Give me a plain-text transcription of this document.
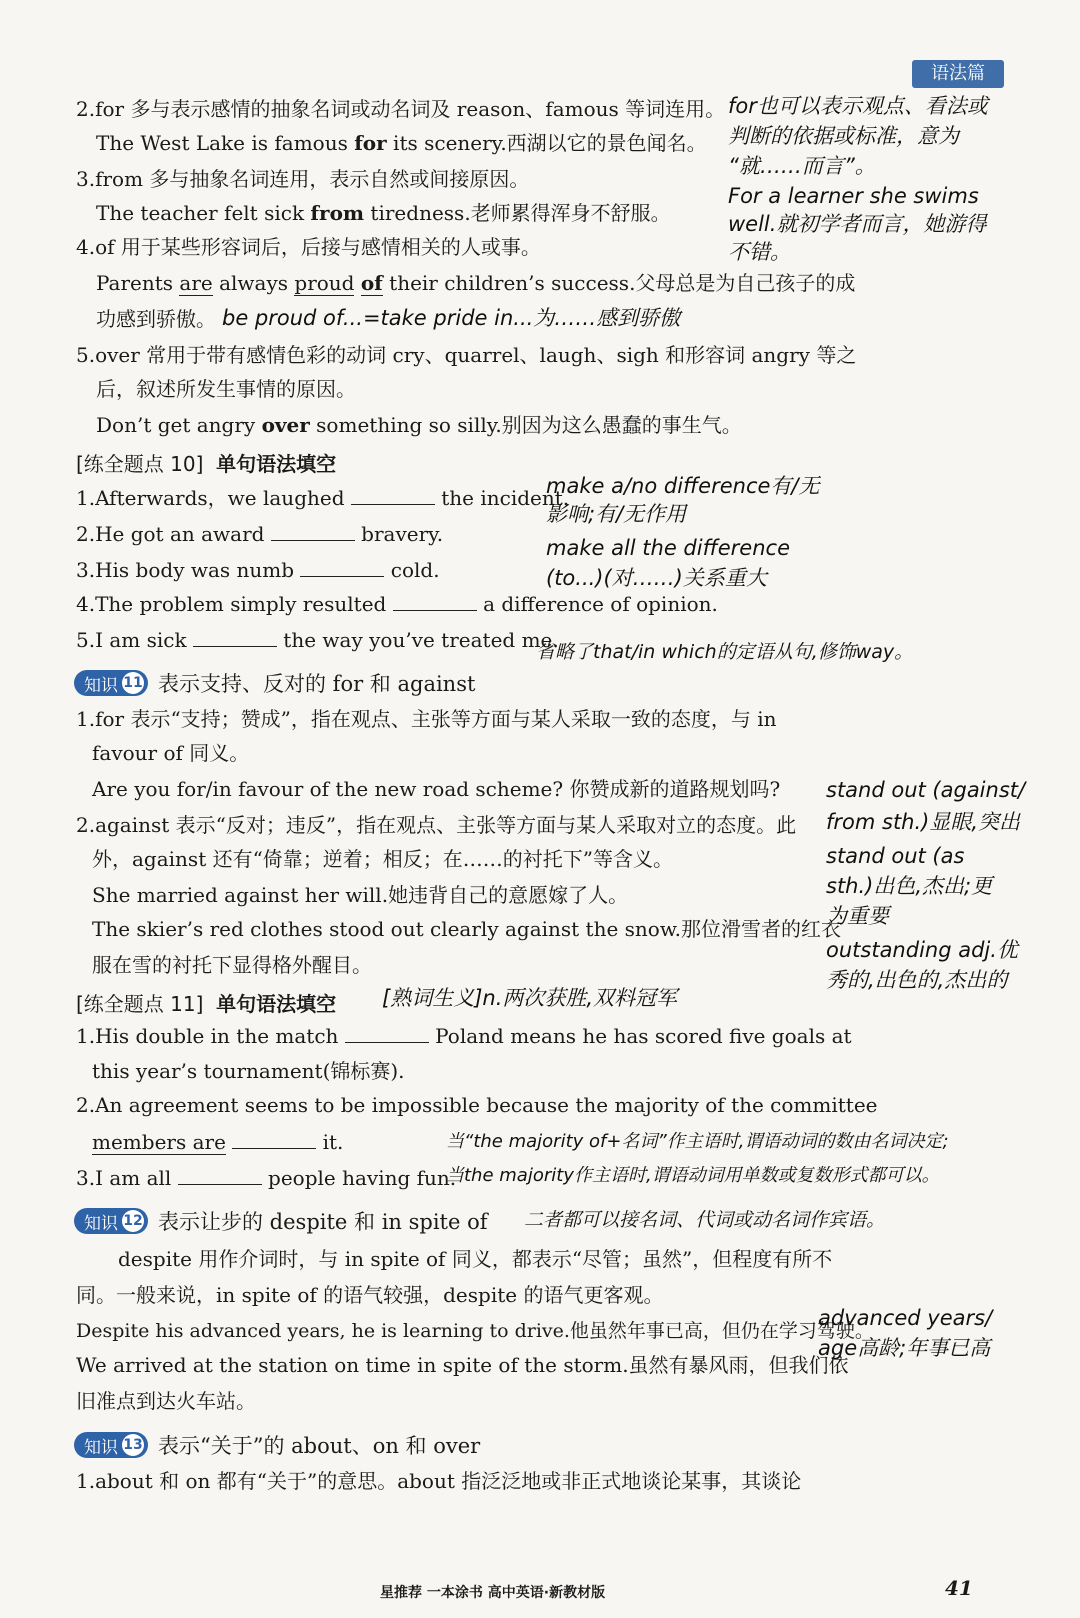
语法篇
2.for 多与表示感情的抽象名词或动名词及 reason、famous 等词连用。
The West Lake is famous for its scenery.西湖以它的景色闻名。
3.from 多与抽象名词连用，表示自然或间接原因。
The teacher felt sick from tiredness.老师累得浑身不舒服。
4.of 用于某些形容词后，后接与感情相关的人或事。
Parents are always proud of their children’s success.父母总是为自己孩子的成
功感到骄傲。 be proud of...=take pride in...为……感到骄傲
5.over 常用于带有感情色彩的动词 cry、quarrel、laugh、sigh 和形容词 angry 等之
后，叙述所发生事情的原因。
Don’t get angry over something so silly.别因为这么愚蠢的事生气。
for也可以表示观点、看法或
判断的依据或标准，意为
“就……而言”。
For a learner she swims
well.就初学者而言，她游得
不错。
[练全题点 10] 单句语法填空
1.Afterwards，we laughed	the incident.
2.He got an award	bravery.
3.His body was numb	cold.
4.The problem simply resulted	a difference of opinion.
5.I am sick	the way you’ve treated me.
make a/no difference有/无
影响;有/无作用
make all the difference
(to...)(对……)关系重大
省略了that/in which的定语从句,修饰way。
知识 11 表示支持、反对的 for 和 against
1.for 表示“支持；赞成”，指在观点、主张等方面与某人采取一致的态度，与 in
favour of 同义。
Are you for/in favour of the new road scheme? 你赞成新的道路规划吗?
2.against 表示“反对；违反”，指在观点、主张等方面与某人采取对立的态度。此
外，against 还有“倚靠；逆着；相反；在……的衬托下”等含义。
She married against her will.她违背自己的意愿嫁了人。
The skier’s red clothes stood out clearly against the snow.那位滑雪者的红衣
服在雪的衬托下显得格外醒目。
stand out (against/
from sth.)显眼,突出
stand out (as
sth.)出色,杰出;更
为重要
outstanding adj.优
秀的,出色的,杰出的
[练全题点 11] 单句语法填空 [熟词生义]n.两次获胜,双料冠军
1.His double in the match	Poland means he has scored five goals at
this year’s tournament(锦标赛).
2.An agreement seems to be impossible because the majority of the committee
members are	it.
3.I am all	people having fun.
当“the majority of+名词”作主语时,谓语动词的数由名词决定;
当the majority作主语时,谓语动词用单数或复数形式都可以。
知识 12 表示让步的 despite 和 in spite of 二者都可以接名词、代词或动名词作宾语。
despite 用作介词时，与 in spite of 同义，都表示“尽管；虽然”，但程度有所不
同。一般来说，in spite of 的语气较强，despite 的语气更客观。
Despite his advanced years, he is learning to drive.他虽然年事已高，但仍在学习驾驶。
We arrived at the station on time in spite of the storm.虽然有暴风雨，但我们依
旧准点到达火车站。
advanced years/
age高龄;年事已高
知识 13 表示“关于”的 about、on 和 over
1.about 和 on 都有“关于”的意思。about 指泛泛地或非正式地谈论某事，其谈论
星推荐 一本涂书 高中英语·新教材版	41
